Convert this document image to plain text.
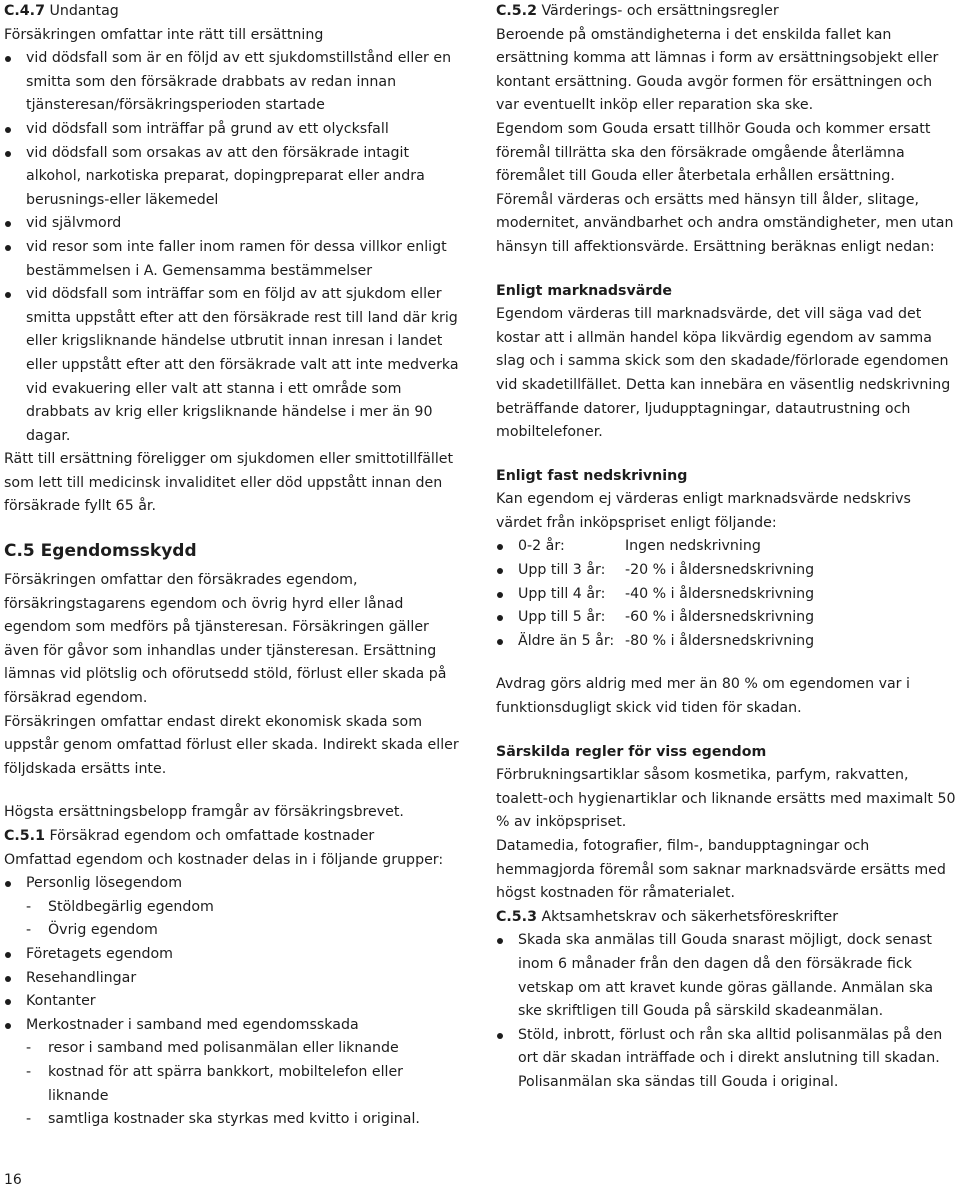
C.4.7 Undantag

Försäkringen omfattar inte rätt till ersättning

vid dödsfall som är en följd av ett sjukdomstillstånd eller en smitta som den försäkrade drabbats av redan innan tjänsteresan/försäkringsperioden startade
vid dödsfall som inträffar på grund av ett olycksfall
vid dödsfall som orsakas av att den försäkrade intagit alkohol, narkotiska preparat, dopingpreparat eller andra berusnings-eller läkemedel
vid självmord
vid resor som inte faller inom ramen för dessa villkor enligt bestämmelsen i A. Gemensamma bestämmelser
vid dödsfall som inträffar som en följd av att sjukdom eller smitta uppstått efter att den försäkrade rest till land där krig eller krigsliknande händelse utbrutit innan inresan i landet eller uppstått efter att den försäkrade valt att inte medverka vid evakuering eller valt att stanna i ett område som drabbats av krig eller krigsliknande händelse i mer än 90 dagar.

Rätt till ersättning föreligger om sjukdomen eller smittotillfället som lett till medicinsk invaliditet eller död uppstått innan den försäkrade fyllt 65 år.

C.5 Egendomsskydd

Försäkringen omfattar den försäkrades egendom, försäkringstagarens egendom och övrig hyrd eller lånad egendom som medförs på tjänsteresan. Försäkringen gäller även för gåvor som inhandlas under tjänsteresan. Ersättning lämnas vid plötslig och oförutsedd stöld, förlust eller skada på försäkrad egendom.

Försäkringen omfattar endast direkt ekonomisk skada som uppstår genom omfattad förlust eller skada. Indirekt skada eller följdskada ersätts inte.

Högsta ersättningsbelopp framgår av försäkringsbrevet.

C.5.1 Försäkrad egendom och omfattade kostnader

Omfattad egendom och kostnader delas in i följande grupper:

Personlig lösegendom
- Stöldbegärlig egendom
- Övrig egendom
Företagets egendom
Resehandlingar
Kontanter
Merkostnader i samband med egendomsskada
- resor i samband med polisanmälan eller liknande
- kostnad för att spärra bankkort, mobiltelefon eller liknande
- samtliga kostnader ska styrkas med kvitto i original.

C.5.2 Värderings- och ersättningsregler

Beroende på omständigheterna i det enskilda fallet kan ersättning komma att lämnas i form av ersättningsobjekt eller kontant ersättning. Gouda avgör formen för ersättningen och var eventuellt inköp eller reparation ska ske.

Egendom som Gouda ersatt tillhör Gouda och kommer ersatt föremål tillrätta ska den försäkrade omgående återlämna föremålet till Gouda eller återbetala erhållen ersättning.

Föremål värderas och ersätts med hänsyn till ålder, slitage, modernitet, användbarhet och andra omständigheter, men utan hänsyn till affektionsvärde. Ersättning beräknas enligt nedan:

Enligt marknadsvärde

Egendom värderas till marknadsvärde, det vill säga vad det kostar att i allmän handel köpa likvärdig egendom av samma slag och i samma skick som den skadade/förlorade egendomen vid skadetillfället. Detta kan innebära en väsentlig nedskrivning beträffande datorer, ljudupptagningar, datautrustning och mobiltelefoner.

Enligt fast nedskrivning

Kan egendom ej värderas enligt marknadsvärde nedskrivs värdet från inköpspriset enligt följande:

0-2 år:	Ingen nedskrivning
Upp till 3 år:	-20 % i åldersnedskrivning
Upp till 4 år:	-40 % i åldersnedskrivning
Upp till 5 år:	-60 % i åldersnedskrivning
Äldre än 5 år: -80 % i åldersnedskrivning

Avdrag görs aldrig med mer än 80 % om egendomen var i funktionsdugligt skick vid tiden för skadan.

Särskilda regler för viss egendom

Förbrukningsartiklar såsom kosmetika, parfym, rakvatten, toalett-och hygienartiklar och liknande ersätts med maximalt 50 % av inköpspriset.

Datamedia, fotografier, film-, bandupptagningar och hemmagjorda föremål som saknar marknadsvärde ersätts med högst kostnaden för råmaterialet.

C.5.3 Aktsamhetskrav och säkerhetsföreskrifter

Skada ska anmälas till Gouda snarast möjligt, dock senast inom 6 månader från den dagen då den försäkrade fick vetskap om att kravet kunde göras gällande. Anmälan ska ske skriftligen till Gouda på särskild skadeanmälan.
Stöld, inbrott, förlust och rån ska alltid polisanmälas på den ort där skadan inträffade och i direkt anslutning till skadan. Polisanmälan ska sändas till Gouda i original.
16
